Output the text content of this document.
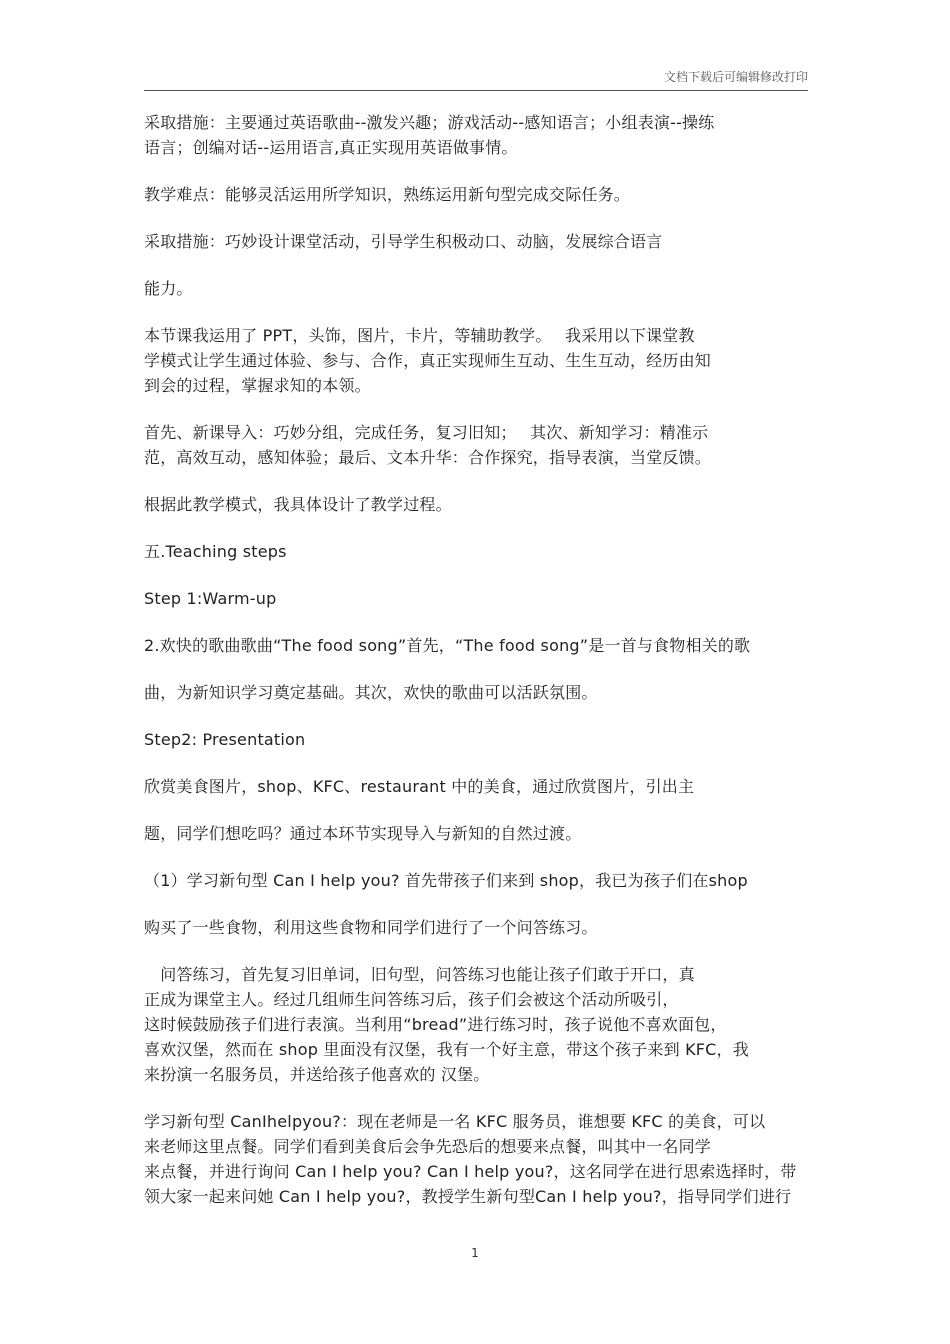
文档下载后可编辑修改打印

采取措施：主要通过英语歌曲--激发兴趣；游戏活动--感知语言；小组表演--操练

语言；创编对话--运用语言,真正实现用英语做事情。

教学难点：能够灵活运用所学知识，熟练运用新句型完成交际任务。

采取措施：巧妙设计课堂活动，引导学生积极动口、动脑，发展综合语言

能力。

本节课我运用了 PPT，头饰，图片，卡片，等辅助教学。　 我采用以下课堂教

学模式让学生通过体验、参与、合作，真正实现师生互动、生生互动，经历由知

到会的过程，掌握求知的本领。

首先、新课导入：巧妙分组，完成任务，复习旧知；　 其次、新知学习：精准示

范，高效互动，感知体验；最后、文本升华：合作探究，指导表演，当堂反馈。

根据此教学模式，我具体设计了教学过程。

五.Teaching steps

Step 1:Warm-up

2.欢快的歌曲歌曲“The food song”首先，“The food song”是一首与食物相关的歌

曲，为新知识学习奠定基础。其次，欢快的歌曲可以活跃氛围。

Step2: Presentation

欣赏美食图片，shop、KFC、restaurant 中的美食，通过欣赏图片，引出主

题，同学们想吃吗？通过本环节实现导入与新知的自然过渡。

（1）学习新句型 Can I help you? 首先带孩子们来到 shop，我已为孩子们在shop

购买了一些食物，利用这些食物和同学们进行了一个问答练习。

　问答练习，首先复习旧单词，旧句型，问答练习也能让孩子们敢于开口，真

正成为课堂主人。经过几组师生问答练习后，孩子们会被这个活动所吸引，

这时候鼓励孩子们进行表演。当利用“bread”进行练习时，孩子说他不喜欢面包，

喜欢汉堡，然而在 shop 里面没有汉堡，我有一个好主意，带这个孩子来到 KFC，我

来扮演一名服务员，并送给孩子他喜欢的 汉堡。

学习新句型 CanIhelpyou?：现在老师是一名 KFC 服务员，谁想要 KFC 的美食，可以

来老师这里点餐。同学们看到美食后会争先恐后的想要来点餐，叫其中一名同学

来点餐，并进行询问 Can I help you? Can I help you?，这名同学在进行思索选择时，带

领大家一起来问她 Can I help you?，教授学生新句型Can I help you?，指导同学们进行

1
